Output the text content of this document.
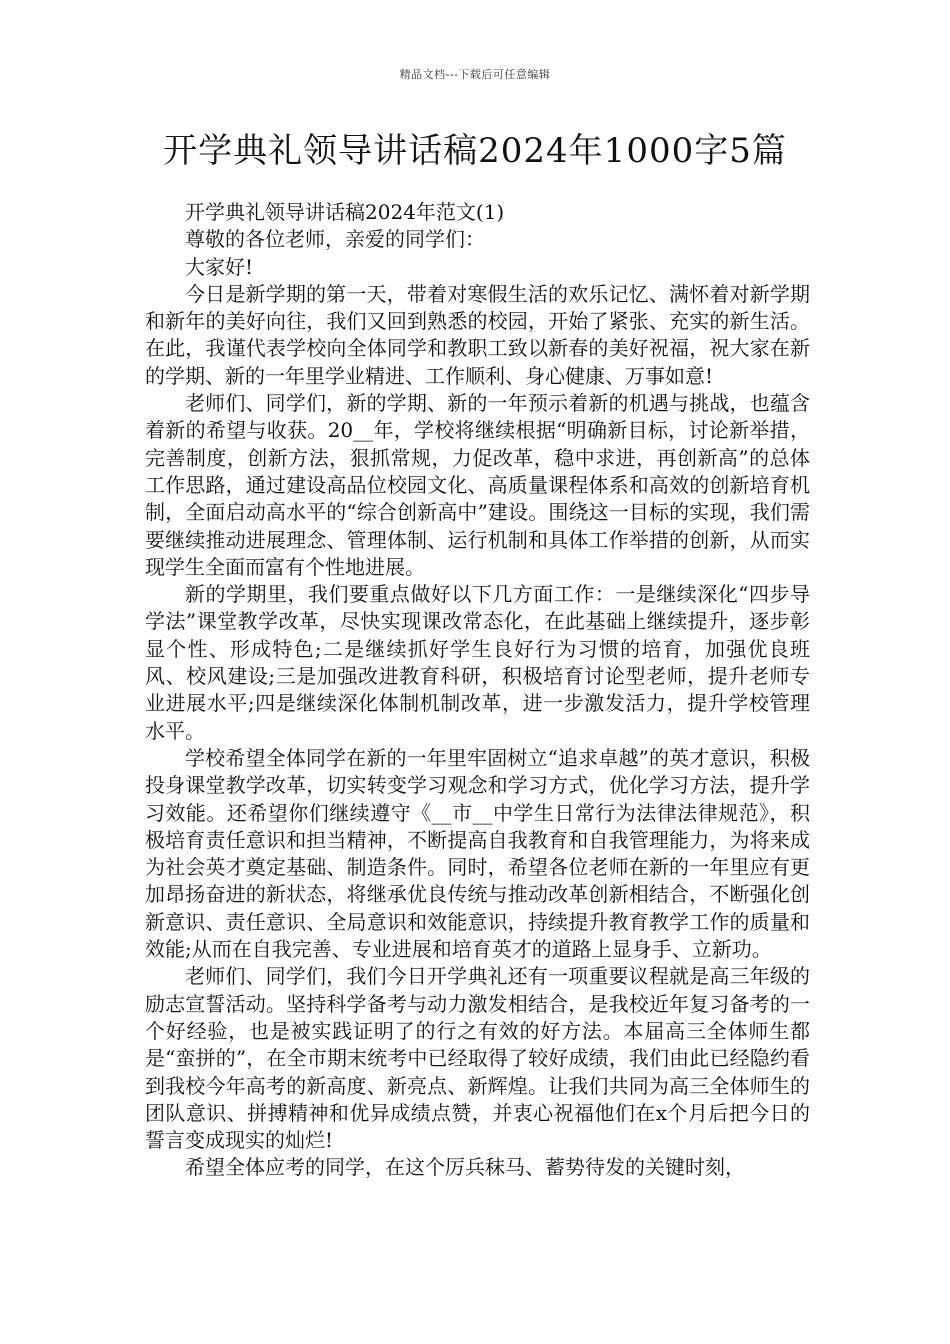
精品文档---下载后可任意编辑
开学典礼领导讲话稿2024年1000字5篇

开学典礼领导讲话稿2024年范文(1)

尊敬的各位老师，亲爱的同学们：

大家好!

今日是新学期的第一天，带着对寒假生活的欢乐记忆、满怀着对新学期和新年的美好向往，我们又回到熟悉的校园，开始了紧张、充实的新生活。在此，我谨代表学校向全体同学和教职工致以新春的美好祝福，祝大家在新的学期、新的一年里学业精进、工作顺利、身心健康、万事如意!

老师们、同学们，新的学期、新的一年预示着新的机遇与挑战，也蕴含着新的希望与收获。20__年，学校将继续根据“明确新目标，讨论新举措，完善制度，创新方法，狠抓常规，力促改革，稳中求进，再创新高”的总体工作思路，通过建设高品位校园文化、高质量课程体系和高效的创新培育机制，全面启动高水平的“综合创新高中”建设。围绕这一目标的实现，我们需要继续推动进展理念、管理体制、运行机制和具体工作举措的创新，从而实现学生全面而富有个性地进展。

新的学期里，我们要重点做好以下几方面工作：一是继续深化“四步导学法”课堂教学改革，尽快实现课改常态化，在此基础上继续提升，逐步彰显个性、形成特色;二是继续抓好学生良好行为习惯的培育，加强优良班风、校风建设;三是加强改进教育科研，积极培育讨论型老师，提升老师专业进展水平;四是继续深化体制机制改革，进一步激发活力，提升学校管理水平。

学校希望全体同学在新的一年里牢固树立“追求卓越”的英才意识，积极投身课堂教学改革，切实转变学习观念和学习方式，优化学习方法，提升学习效能。还希望你们继续遵守《__市__中学生日常行为法律法律规范》，积极培育责任意识和担当精神，不断提高自我教育和自我管理能力，为将来成为社会英才奠定基础、制造条件。同时，希望各位老师在新的一年里应有更加昂扬奋进的新状态，将继承优良传统与推动改革创新相结合，不断强化创新意识、责任意识、全局意识和效能意识，持续提升教育教学工作的质量和效能;从而在自我完善、专业进展和培育英才的道路上显身手、立新功。

老师们、同学们，我们今日开学典礼还有一项重要议程就是高三年级的励志宣誓活动。坚持科学备考与动力激发相结合，是我校近年复习备考的一个好经验，也是被实践证明了的行之有效的好方法。本届高三全体师生都是“蛮拼的”，在全市期末统考中已经取得了较好成绩，我们由此已经隐约看到我校今年高考的新高度、新亮点、新辉煌。让我们共同为高三全体师生的团队意识、拼搏精神和优异成绩点赞，并衷心祝福他们在x个月后把今日的誓言变成现实的灿烂!

希望全体应考的同学，在这个厉兵秣马、蓄势待发的关键时刻，
